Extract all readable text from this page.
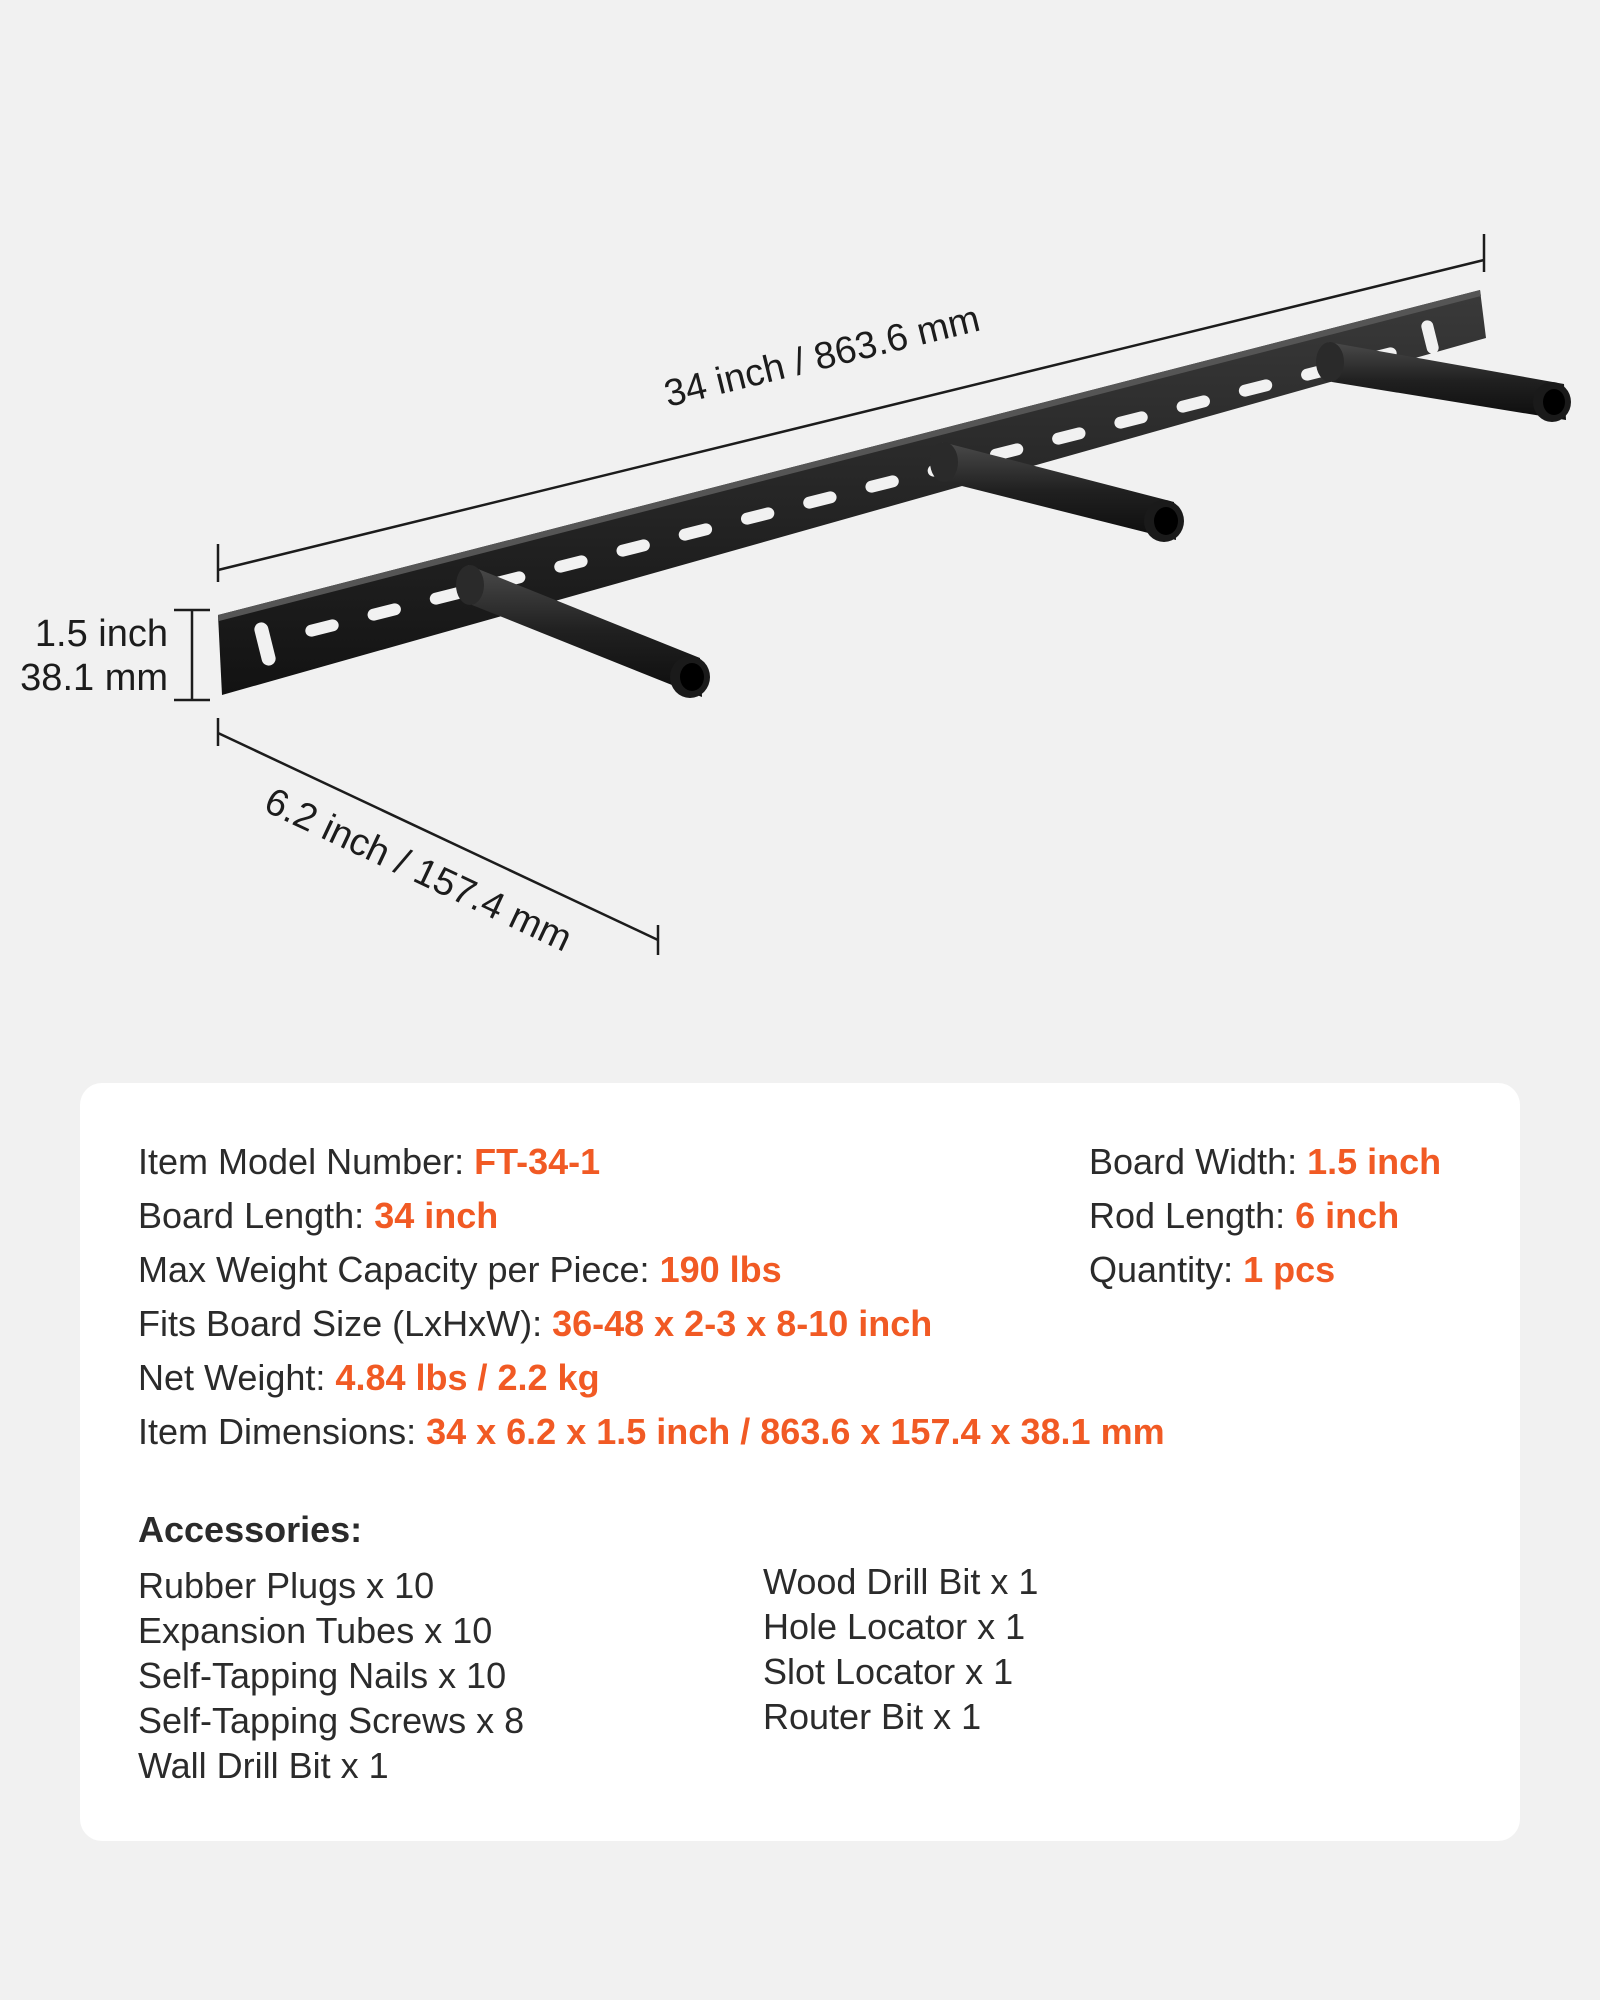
34 inch / 863.6 mm
1.5 inch
38.1 mm
6.2 inch / 157.4 mm
Item Model Number: FT-34-1
Board Length: 34 inch
Max Weight Capacity per Piece: 190 lbs
Fits Board Size (LxHxW): 36-48 x 2-3 x 8-10 inch
Net Weight: 4.84 lbs / 2.2 kg
Item Dimensions: 34 x 6.2 x 1.5 inch / 863.6 x 157.4 x 38.1 mm
Board Width: 1.5 inch
Rod Length: 6 inch
Quantity: 1 pcs
Accessories:
Rubber Plugs x 10
Expansion Tubes x 10
Self-Tapping Nails x 10
Self-Tapping Screws x 8
Wall Drill Bit x 1
Wood Drill Bit x 1
Hole Locator x 1
Slot Locator x 1
Router Bit x 1
